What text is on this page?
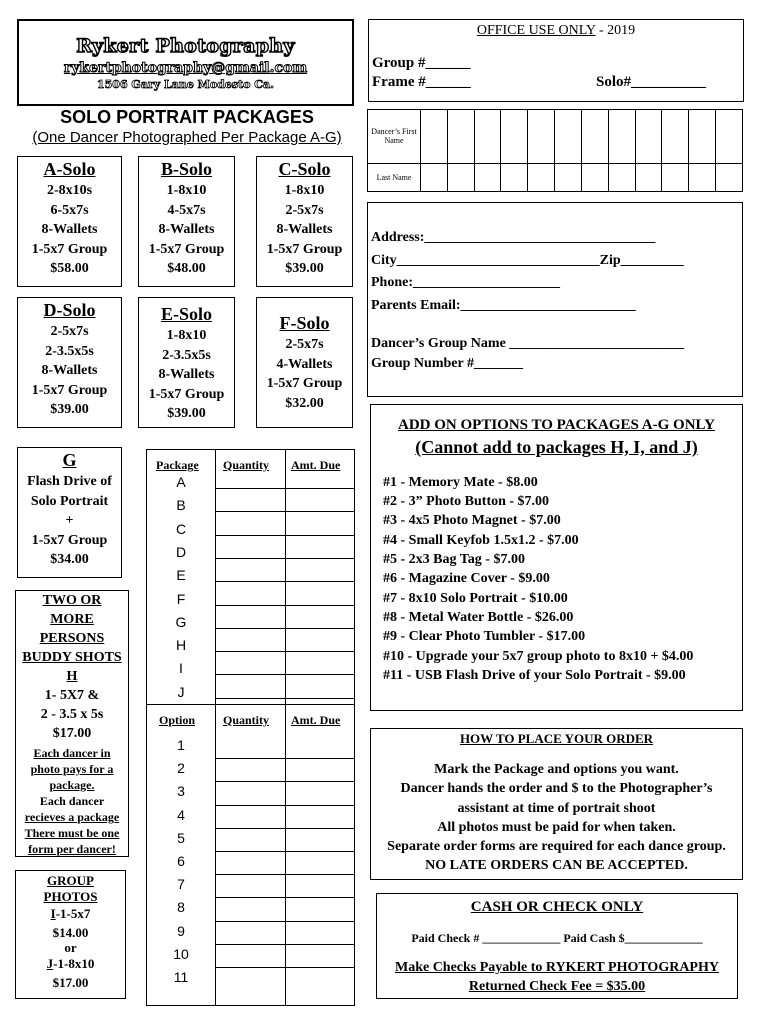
Rykert Photography
rykertphotography@gmail.com
1506 Gary Lane Modesto Ca.
OFFICE USE ONLY - 2019
Group #______
Frame #______	Solo#__________
SOLO PORTRAIT PACKAGES
(One Dancer Photographed Per Package A-G)
A-Solo
2-8x10s
6-5x7s
8-Wallets
1-5x7 Group
$58.00
B-Solo
1-8x10
4-5x7s
8-Wallets
1-5x7 Group
$48.00
C-Solo
1-8x10
2-5x7s
8-Wallets
1-5x7 Group
$39.00
D-Solo
2-5x7s
2-3.5x5s
8-Wallets
1-5x7 Group
$39.00
E-Solo
1-8x10
2-3.5x5s
8-Wallets
1-5x7 Group
$39.00
F-Solo
2-5x7s
4-Wallets
1-5x7 Group
$32.00
G
Flash Drive of
Solo Portrait
+
1-5x7 Group
$34.00
TWO OR
MORE
PERSONS
BUDDY SHOTS
H
1- 5X7 &
2 - 3.5 x 5s
$17.00
Each dancer in
photo pays for a
package.
Each dancer
recieves a package
There must be one
form per dancer!
GROUP
PHOTOS
I-1-5x7
$14.00
or
J-1-8x10
$17.00
Package Quantity Amt. Due
Option Quantity Amt. Due
A
B
C
D
E
F
G
H
I
J
1
2
3
4
5
6
7
8
9
10
11
Dancer’s First Name												
Last Name												
Address:_________________________________
City_____________________________Zip_________
Phone:_____________________
Parents Email:_________________________
Dancer’s Group Name _________________________
Group Number #_______
ADD ON OPTIONS TO PACKAGES A-G ONLY
(Cannot add to packages H, I, and J)
#1 - Memory Mate - $8.00
#2 - 3” Photo Button - $7.00
#3 - 4x5 Photo Magnet - $7.00
#4 - Small Keyfob 1.5x1.2 - $7.00
#5 - 2x3 Bag Tag - $7.00
#6 - Magazine Cover - $9.00
#7 - 8x10 Solo Portrait - $10.00
#8 - Metal Water Bottle - $26.00
#9 - Clear Photo Tumbler - $17.00
#10 - Upgrade your 5x7 group photo to 8x10 + $4.00
#11 - USB Flash Drive of your Solo Portrait - $9.00
HOW TO PLACE YOUR ORDER
Mark the Package and options you want.
Dancer hands the order and $ to the Photographer’s
assistant at time of portrait shoot
All photos must be paid for when taken.
Separate order forms are required for each dance group.
NO LATE ORDERS CAN BE ACCEPTED.
CASH OR CHECK ONLY
Paid Check # _____________ Paid Cash $_____________
Make Checks Payable to RYKERT PHOTOGRAPHY
Returned Check Fee = $35.00
